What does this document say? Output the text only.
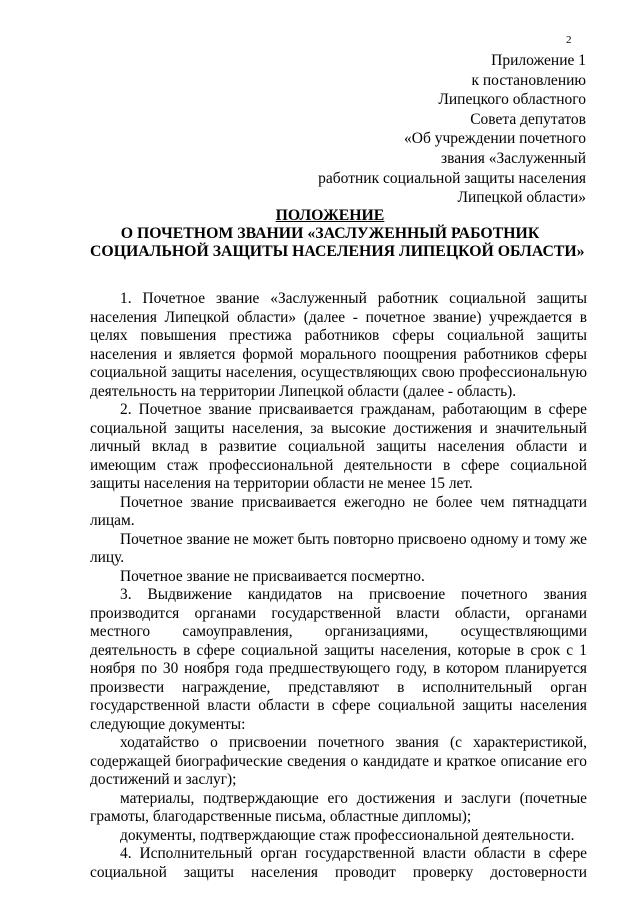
2
Приложение 1
к постановлению
Липецкого областного
Совета депутатов
«Об учреждении почетного
звания «Заслуженный
работник социальной защиты населения
Липецкой области»
ПОЛОЖЕНИЕ
О ПОЧЕТНОМ ЗВАНИИ «ЗАСЛУЖЕННЫЙ РАБОТНИК
СОЦИАЛЬНОЙ ЗАЩИТЫ НАСЕЛЕНИЯ ЛИПЕЦКОЙ ОБЛАСТИ»

1. Почетное звание «Заслуженный работник социальной защиты населения Липецкой области» (далее - почетное звание) учреждается в целях повышения престижа работников сферы социальной защиты населения и является формой морального поощрения работников сферы социальной защиты населения, осуществляющих свою профессиональную деятельность на территории Липецкой области (далее - область).

2. Почетное звание присваивается гражданам, работающим в сфере социальной защиты населения, за высокие достижения и значительный личный вклад в развитие социальной защиты населения области и имеющим стаж профессиональной деятельности в сфере социальной защиты населения на территории области не менее 15 лет.

Почетное звание присваивается ежегодно не более чем пятнадцати лицам.

Почетное звание не может быть повторно присвоено одному и тому же лицу.

Почетное звание не присваивается посмертно.

3. Выдвижение кандидатов на присвоение почетного звания производится органами государственной власти области, органами местного самоуправления, организациями, осуществляющими деятельность в сфере социальной защиты населения, которые в срок с 1 ноября по 30 ноября года предшествующего году, в котором планируется произвести награждение, представляют в исполнительный орган государственной власти области в сфере социальной защиты населения следующие документы:

ходатайство о присвоении почетного звания (с характеристикой, содержащей биографические сведения о кандидате и краткое описание его достижений и заслуг);

материалы, подтверждающие его достижения и заслуги (почетные грамоты, благодарственные письма, областные дипломы);

документы, подтверждающие стаж профессиональной деятельности.

4. Исполнительный орган государственной власти области в сфере социальной защиты населения проводит проверку достоверности
